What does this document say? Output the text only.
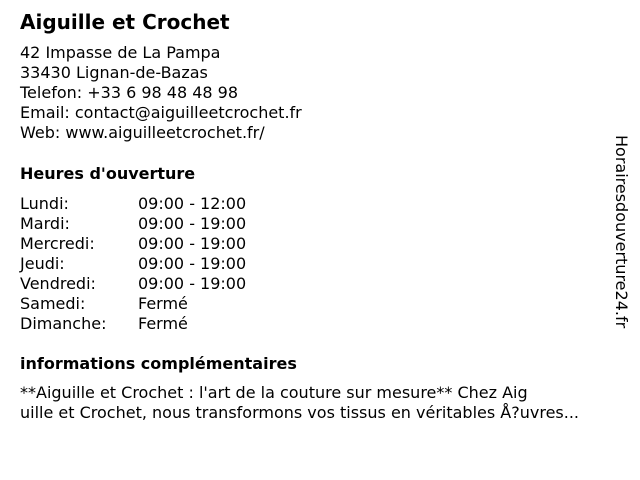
Aiguille et Crochet
42 Impasse de La Pampa
33430 Lignan-de-Bazas
Telefon: +33 6 98 48 48 98
Email: contact@aiguilleetcrochet.fr
Web: www.aiguilleetcrochet.fr/
Heures d'ouverture
Lundi:	09:00 - 12:00
Mardi:	09:00 - 19:00
Mercredi:	09:00 - 19:00
Jeudi:	09:00 - 19:00
Vendredi:	09:00 - 19:00
Samedi:	Fermé
Dimanche:	Fermé
informations complémentaires
**Aiguille et Crochet : l'art de la couture sur mesure** Chez Aig
uille et Crochet, nous transformons vos tissus en véritables Å?uvres...
Horairesdouverture24.fr
